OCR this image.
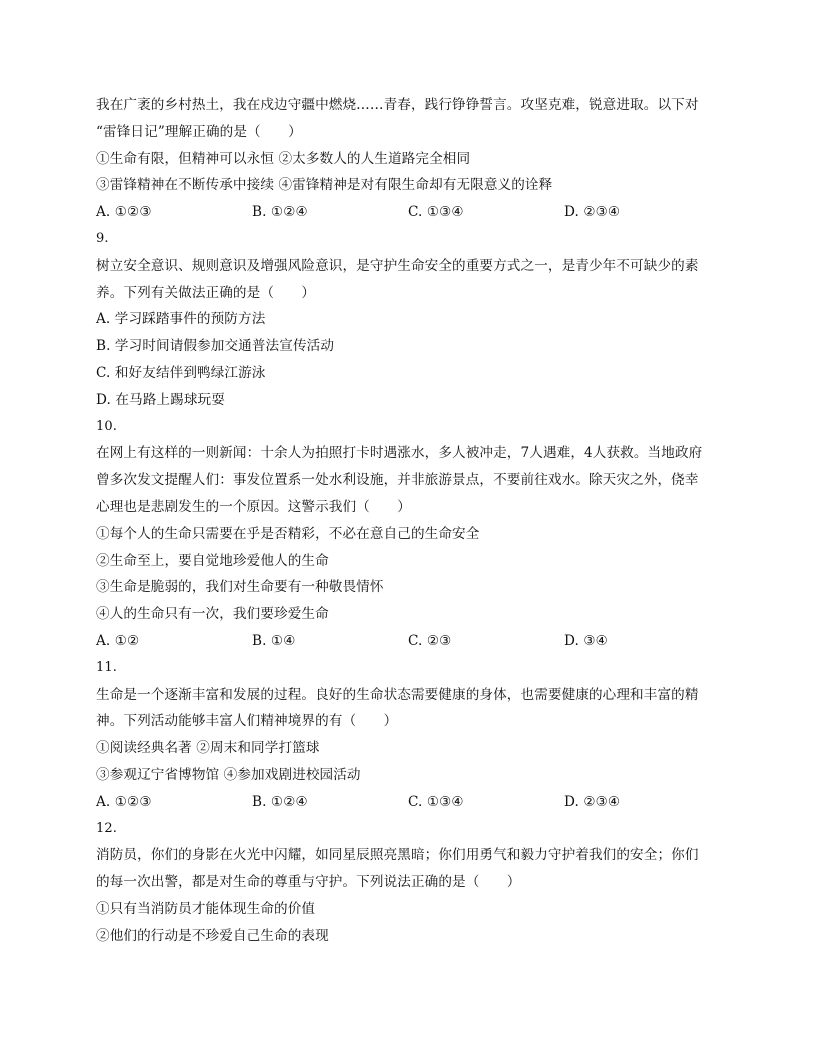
我在广袤的乡村热土，我在戍边守疆中燃烧……青春，践行铮铮誓言。攻坚克难，锐意进取。以下对
“雷锋日记”理解正确的是（　　）
①生命有限，但精神可以永恒 ②太多数人的人生道路完全相同
③雷锋精神在不断传承中接续 ④雷锋精神是对有限生命却有无限意义的诠释
A. ①②③	B. ①②④	C. ①③④	D. ②③④
9.
树立安全意识、规则意识及增强风险意识，是守护生命安全的重要方式之一，是青少年不可缺少的素
养。下列有关做法正确的是（　　）
A. 学习踩踏事件的预防方法
B. 学习时间请假参加交通普法宣传活动
C. 和好友结伴到鸭绿江游泳
D. 在马路上踢球玩耍
10.
在网上有这样的一则新闻：十余人为拍照打卡时遇涨水，多人被冲走，7人遇难，4人获救。当地政府
曾多次发文提醒人们：事发位置系一处水利设施，并非旅游景点，不要前往戏水。除天灾之外，侥幸
心理也是悲剧发生的一个原因。这警示我们（　　）
①每个人的生命只需要在乎是否精彩，不必在意自己的生命安全
②生命至上，要自觉地珍爱他人的生命
③生命是脆弱的，我们对生命要有一种敬畏情怀
④人的生命只有一次，我们要珍爱生命
A. ①②	B. ①④	C. ②③	D. ③④
11.
生命是一个逐渐丰富和发展的过程。良好的生命状态需要健康的身体，也需要健康的心理和丰富的精
神。下列活动能够丰富人们精神境界的有（　　）
①阅读经典名著 ②周末和同学打篮球
③参观辽宁省博物馆 ④参加戏剧进校园活动
A. ①②③	B. ①②④	C. ①③④	D. ②③④
12.
消防员，你们的身影在火光中闪耀，如同星辰照亮黑暗；你们用勇气和毅力守护着我们的安全；你们
的每一次出警，都是对生命的尊重与守护。下列说法正确的是（　　）
①只有当消防员才能体现生命的价值
②他们的行动是不珍爱自己生命的表现
